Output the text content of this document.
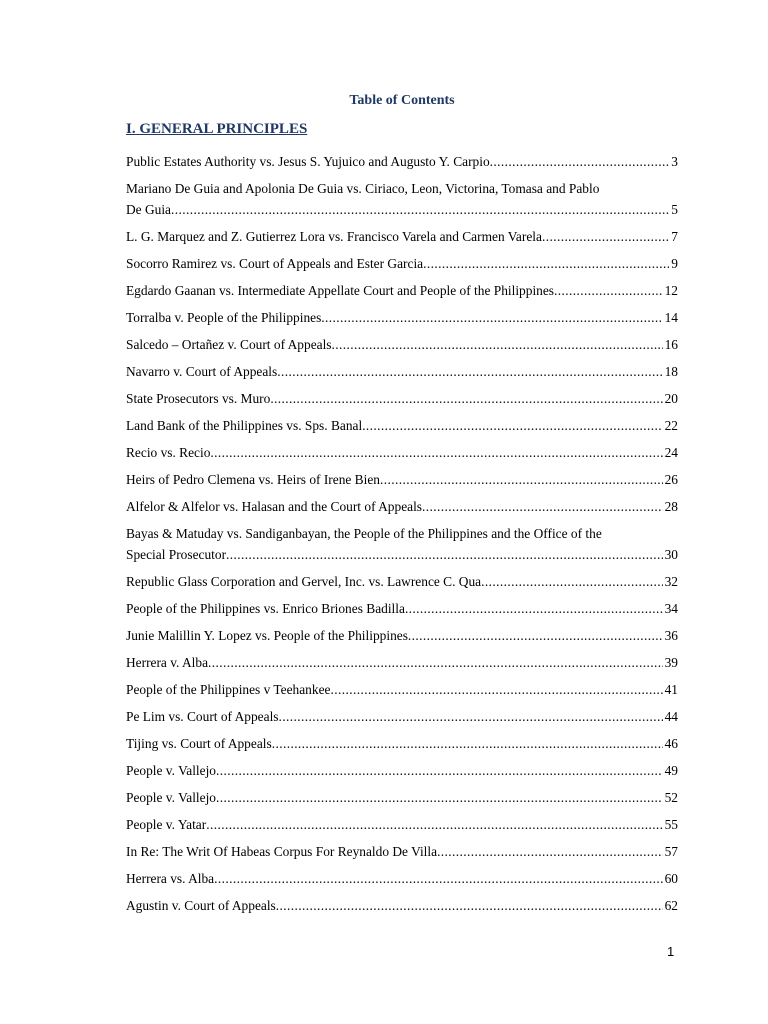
Table of Contents
I. GENERAL PRINCIPLES
Public Estates Authority vs. Jesus S. Yujuico and Augusto Y. Carpio .....	3
Mariano De Guia and Apolonia De Guia vs. Ciriaco, Leon, Victorina, Tomasa and Pablo
De Guia .....	5
L. G. Marquez and Z. Gutierrez Lora vs. Francisco Varela and Carmen Varela .....	7
Socorro Ramirez vs. Court of Appeals and Ester Garcia .....	9
Egdardo Gaanan vs. Intermediate Appellate Court and People of the Philippines .....	12
Torralba v. People of the Philippines .....	14
Salcedo – Ortañez v. Court of Appeals .....	16
Navarro v. Court of Appeals .....	18
State Prosecutors vs. Muro .....	20
Land Bank of the Philippines vs. Sps. Banal .....	22
Recio vs. Recio .....	24
Heirs of Pedro Clemena vs. Heirs of Irene Bien .....	26
Alfelor & Alfelor vs. Halasan and the Court of Appeals .....	28
Bayas & Matuday vs. Sandiganbayan, the People of the Philippines and the Office of the
Special Prosecutor .....	30
Republic Glass Corporation and Gervel, Inc. vs. Lawrence C. Qua .....	32
People of the Philippines vs. Enrico Briones Badilla .....	34
Junie Malillin Y. Lopez vs. People of the Philippines .....	36
Herrera v. Alba .....	39
People of the Philippines v Teehankee .....	41
Pe Lim vs. Court of Appeals .....	44
Tijing vs. Court of Appeals .....	46
People v. Vallejo .....	49
People v. Vallejo .....	52
People v. Yatar .....	55
In Re: The Writ Of Habeas Corpus For Reynaldo De Villa .....	57
Herrera vs. Alba .....	60
Agustin v. Court of Appeals .....	62
1
